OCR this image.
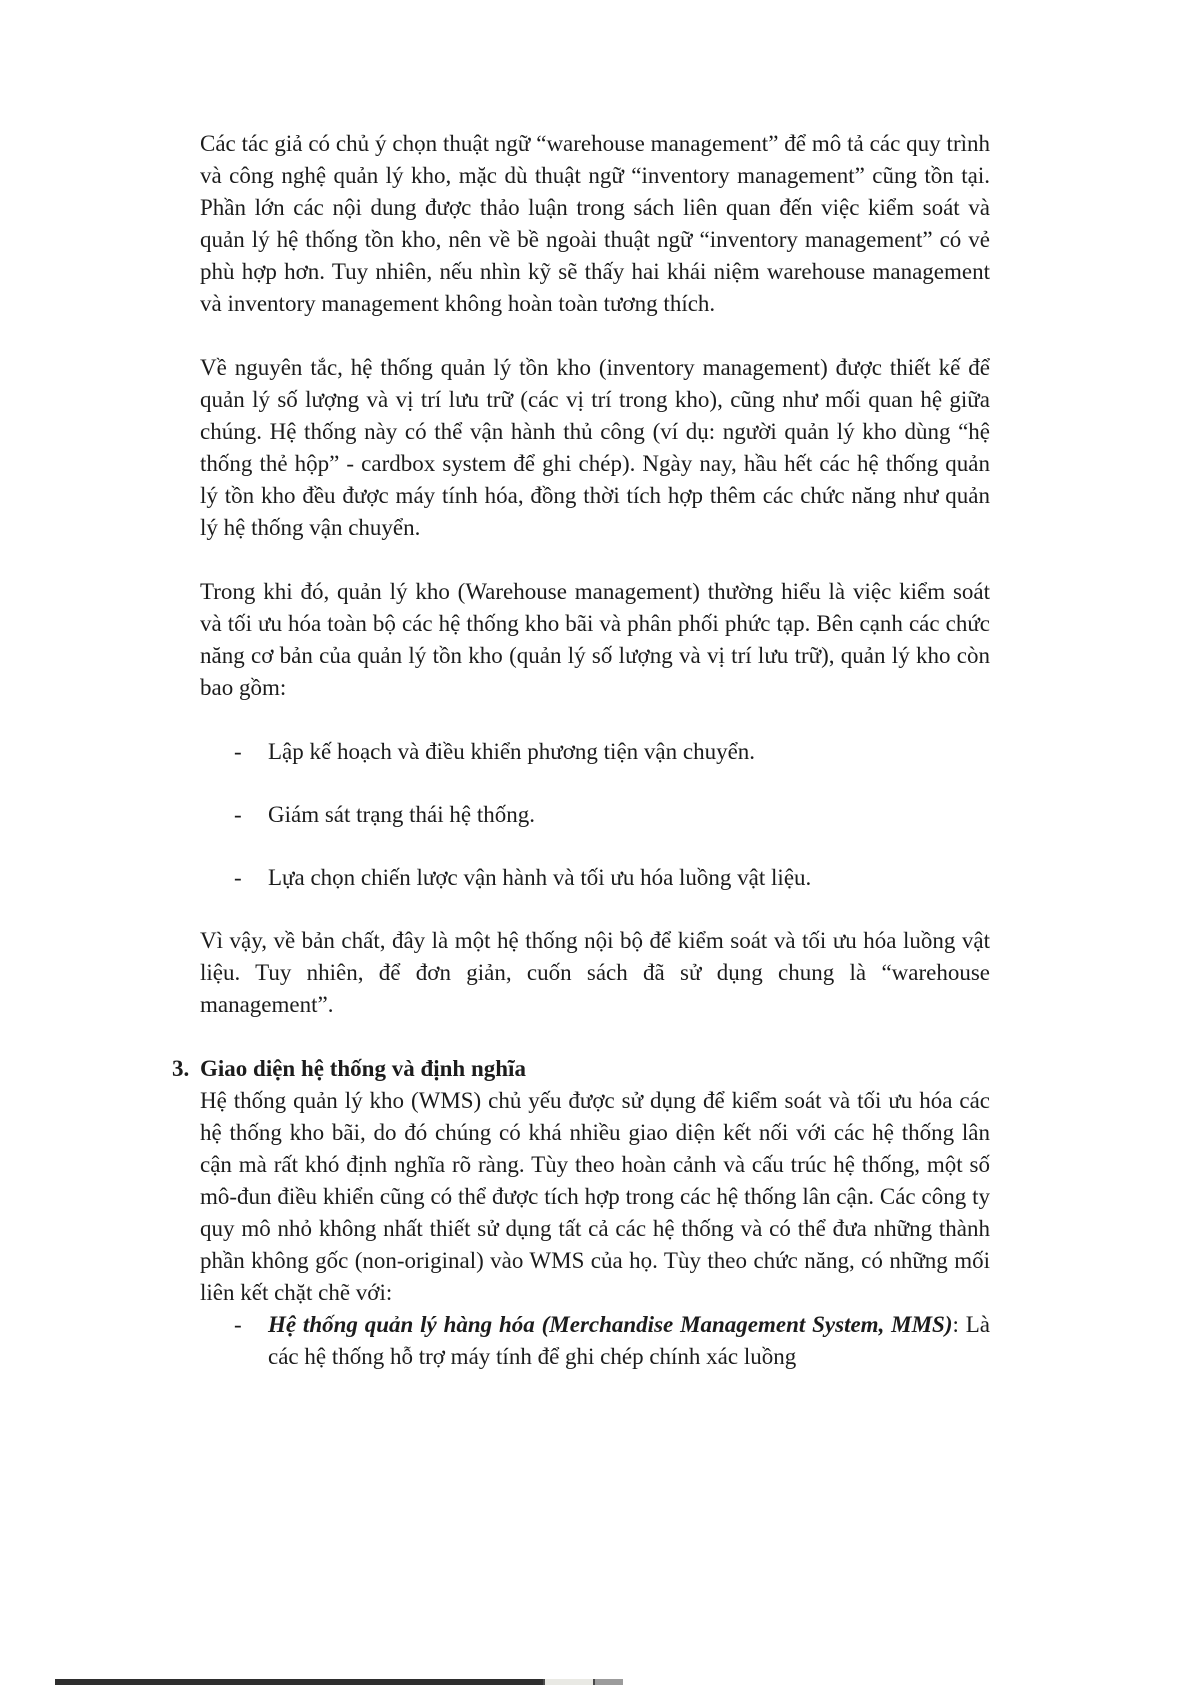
Các tác giả có chủ ý chọn thuật ngữ “warehouse management” để mô tả các quy trình và công nghệ quản lý kho, mặc dù thuật ngữ “inventory management” cũng tồn tại. Phần lớn các nội dung được thảo luận trong sách liên quan đến việc kiểm soát và quản lý hệ thống tồn kho, nên về bề ngoài thuật ngữ “inventory management” có vẻ phù hợp hơn. Tuy nhiên, nếu nhìn kỹ sẽ thấy hai khái niệm warehouse management và inventory management không hoàn toàn tương thích.

Về nguyên tắc, hệ thống quản lý tồn kho (inventory management) được thiết kế để quản lý số lượng và vị trí lưu trữ (các vị trí trong kho), cũng như mối quan hệ giữa chúng. Hệ thống này có thể vận hành thủ công (ví dụ: người quản lý kho dùng “hệ thống thẻ hộp” - cardbox system để ghi chép). Ngày nay, hầu hết các hệ thống quản lý tồn kho đều được máy tính hóa, đồng thời tích hợp thêm các chức năng như quản lý hệ thống vận chuyển.

Trong khi đó, quản lý kho (Warehouse management) thường hiểu là việc kiểm soát và tối ưu hóa toàn bộ các hệ thống kho bãi và phân phối phức tạp. Bên cạnh các chức năng cơ bản của quản lý tồn kho (quản lý số lượng và vị trí lưu trữ), quản lý kho còn bao gồm:

- Lập kế hoạch và điều khiển phương tiện vận chuyển.
- Giám sát trạng thái hệ thống.
- Lựa chọn chiến lược vận hành và tối ưu hóa luồng vật liệu.

Vì vậy, về bản chất, đây là một hệ thống nội bộ để kiểm soát và tối ưu hóa luồng vật liệu. Tuy nhiên, để đơn giản, cuốn sách đã sử dụng chung là “warehouse management”.

3. Giao diện hệ thống và định nghĩa

Hệ thống quản lý kho (WMS) chủ yếu được sử dụng để kiểm soát và tối ưu hóa các hệ thống kho bãi, do đó chúng có khá nhiều giao diện kết nối với các hệ thống lân cận mà rất khó định nghĩa rõ ràng. Tùy theo hoàn cảnh và cấu trúc hệ thống, một số mô-đun điều khiển cũng có thể được tích hợp trong các hệ thống lân cận. Các công ty quy mô nhỏ không nhất thiết sử dụng tất cả các hệ thống và có thể đưa những thành phần không gốc (non-original) vào WMS của họ. Tùy theo chức năng, có những mối liên kết chặt chẽ với:

- Hệ thống quản lý hàng hóa (Merchandise Management System, MMS): Là các hệ thống hỗ trợ máy tính để ghi chép chính xác luồng
